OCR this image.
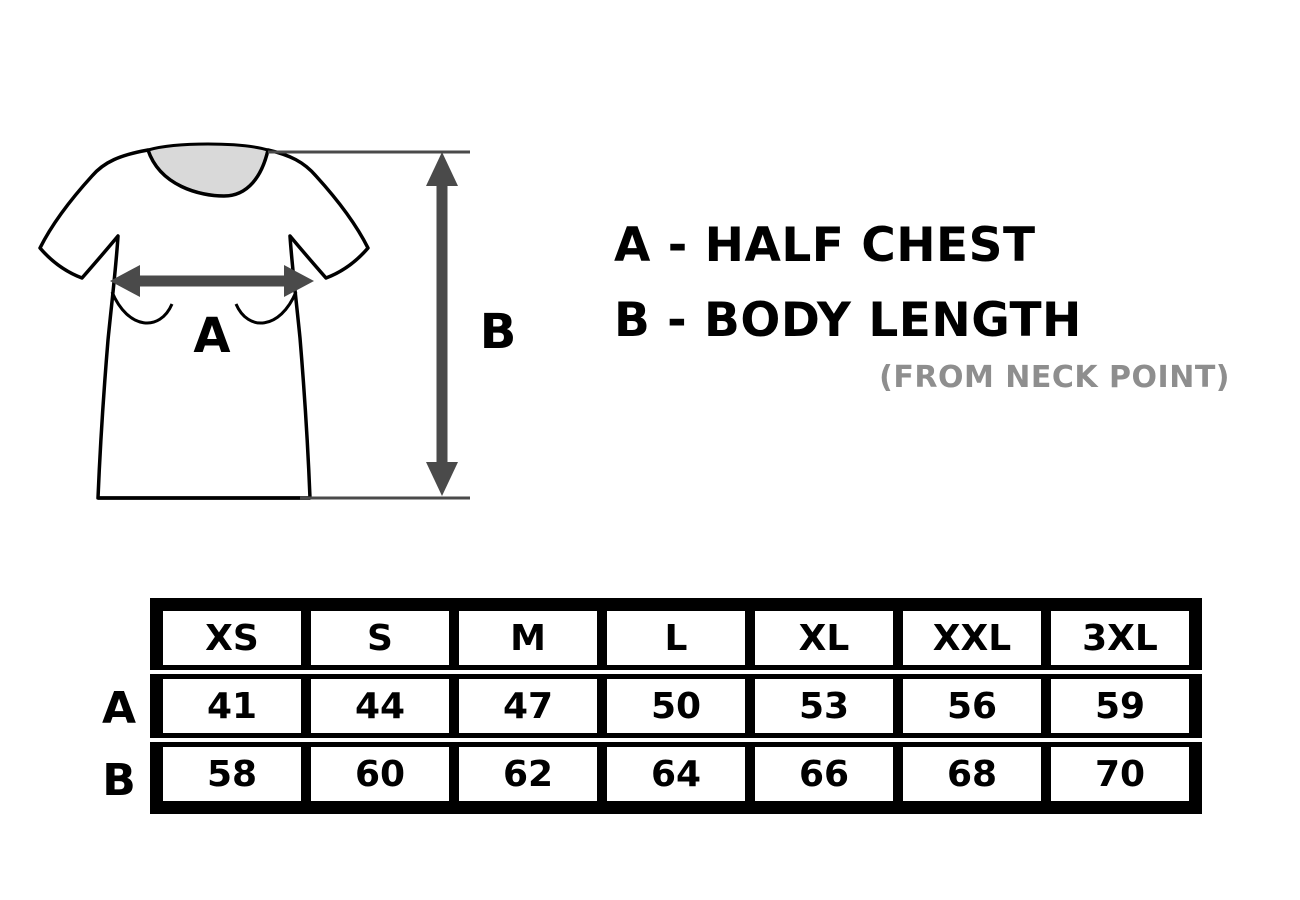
A	B
A - HALF CHEST
B - BODY LENGTH
(FROM NECK POINT)

XS	S	M	L	XL	XXL	3XL

A	41	44	47	50	53	56	59

B	58	60	62	64	66	68	70
